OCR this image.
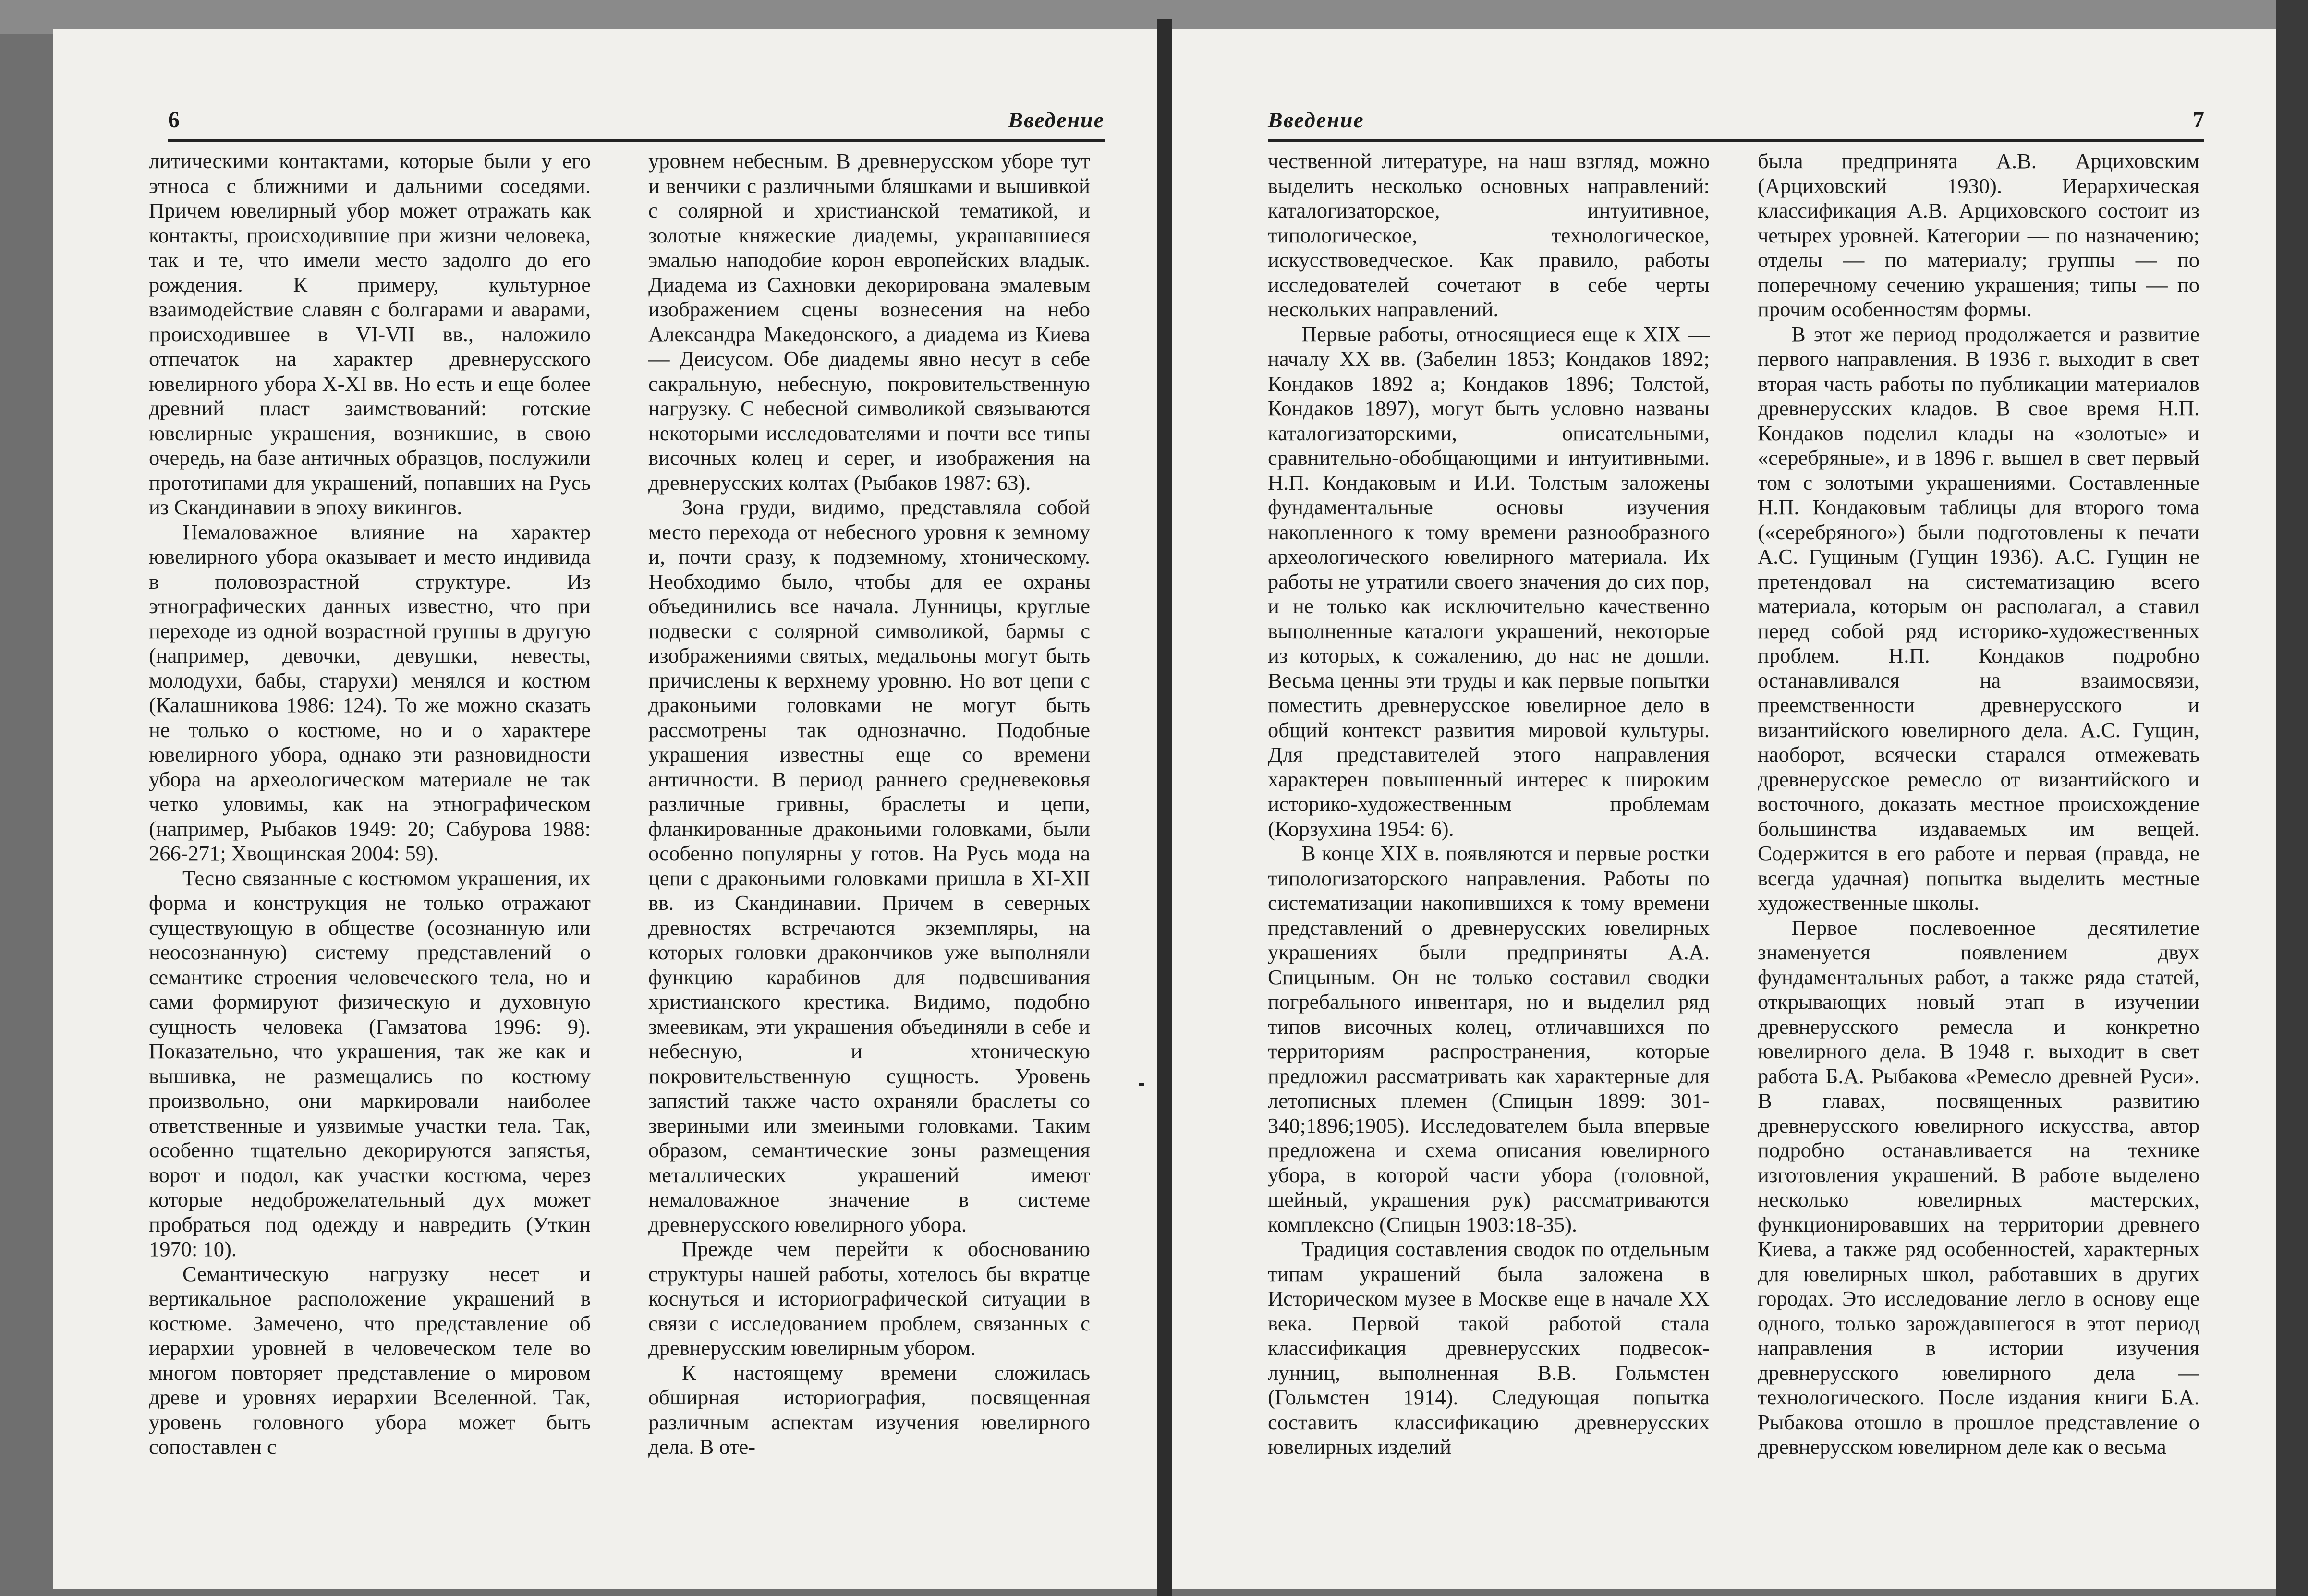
6	Введение

литическими контактами, которые были у его этноса с ближними и дальними соседями. Причем ювелирный убор может отражать как контакты, происходившие при жизни человека, так и те, что имели место задолго до его рождения. К примеру, культурное взаимодействие славян с болгарами и аварами, происходившее в VI-VII вв., наложило отпечаток на характер древнерусского ювелирного убора X-XI вв. Но есть и еще более древний пласт заимствований: готские ювелирные украшения, возникшие, в свою очередь, на базе античных образцов, послужили прототипами для украшений, попавших на Русь из Скандинавии в эпоху викингов.

Немаловажное влияние на характер ювелирного убора оказывает и место индивида в половозрастной структуре. Из этнографических данных известно, что при переходе из одной возрастной группы в другую (например, девочки, девушки, невесты, молодухи, бабы, старухи) менялся и костюм (Калашникова 1986: 124). То же можно сказать не только о костюме, но и о характере ювелирного убора, однако эти разновидности убора на археологическом материале не так четко уловимы, как на этнографическом (например, Рыбаков 1949: 20; Сабурова 1988: 266-271; Хвощинская 2004: 59).

Тесно связанные с костюмом украшения, их форма и конструкция не только отражают существующую в обществе (осознанную или неосознанную) систему представлений о семантике строения человеческого тела, но и сами формируют физическую и духовную сущность человека (Гамзатова 1996: 9). Показательно, что украшения, так же как и вышивка, не размещались по костюму произвольно, они маркировали наиболее ответственные и уязвимые участки тела. Так, особенно тщательно декорируются запястья, ворот и подол, как участки костюма, через которые недоброжелательный дух может пробраться под одежду и навредить (Уткин 1970: 10).

Семантическую нагрузку несет и вертикальное расположение украшений в костюме. Замечено, что представление об иерархии уровней в человеческом теле во многом повторяет представление о мировом древе и уровнях иерархии Вселенной. Так, уровень головного убора может быть сопоставлен с

уровнем небесным. В древнерусском уборе тут и венчики с различными бляшками и вышивкой с солярной и христианской тематикой, и золотые княжеские диадемы, украшавшиеся эмалью наподобие корон европейских владык. Диадема из Сахновки декорирована эмалевым изображением сцены вознесения на небо Александра Македонского, а диадема из Киева — Деисусом. Обе диадемы явно несут в себе сакральную, небесную, покровительственную нагрузку. С небесной символикой связываются некоторыми исследователями и почти все типы височных колец и серег, и изображения на древнерусских колтах (Рыбаков 1987: 63).

Зона груди, видимо, представляла собой место перехода от небесного уровня к земному и, почти сразу, к подземному, хтоническому. Необходимо было, чтобы для ее охраны объединились все начала. Лунницы, круглые подвески с солярной символикой, бармы с изображениями святых, медальоны могут быть причислены к верхнему уровню. Но вот цепи с драконьими головками не могут быть рассмотрены так однозначно. Подобные украшения известны еще со времени античности. В период раннего средневековья различные гривны, браслеты и цепи, фланкированные драконьими головками, были особенно популярны у готов. На Русь мода на цепи с драконьими головками пришла в XI-XII вв. из Скандинавии. Причем в северных древностях встречаются экземпляры, на которых головки дракончиков уже выполняли функцию карабинов для подвешивания христианского крестика. Видимо, подобно змеевикам, эти украшения объединяли в себе и небесную, и хтоническую покровительственную сущность. Уровень запястий также часто охраняли браслеты со звериными или змеиными головками. Таким образом, семантические зоны размещения металлических украшений имеют немаловажное значение в системе древнерусского ювелирного убора.

Прежде чем перейти к обоснованию структуры нашей работы, хотелось бы вкратце коснуться и историографической ситуации в связи с исследованием проблем, связанных с древнерусским ювелирным убором.

К настоящему времени сложилась обширная историография, посвященная различным аспектам изучения ювелирного дела. В оте-

Введение	7

чественной литературе, на наш взгляд, можно выделить несколько основных направлений: каталогизаторское, интуитивное, типологическое, технологическое, искусствоведческое. Как правило, работы исследователей сочетают в себе черты нескольких направлений.

Первые работы, относящиеся еще к XIX — началу XX вв. (Забелин 1853; Кондаков 1892; Кондаков 1892 а; Кондаков 1896; Толстой, Кондаков 1897), могут быть условно названы каталогизаторскими, описательными, сравнительно-обобщающими и интуитивными. Н.П. Кондаковым и И.И. Толстым заложены фундаментальные основы изучения накопленного к тому времени разнообразного археологического ювелирного материала. Их работы не утратили своего значения до сих пор, и не только как исключительно качественно выполненные каталоги украшений, некоторые из которых, к сожалению, до нас не дошли. Весьма ценны эти труды и как первые попытки поместить древнерусское ювелирное дело в общий контекст развития мировой культуры. Для представителей этого направления характерен повышенный интерес к широким историко-художественным проблемам (Корзухина 1954: 6).

В конце XIX в. появляются и первые ростки типологизаторского направления. Работы по систематизации накопившихся к тому времени представлений о древнерусских ювелирных украшениях были предприняты А.А. Спицыным. Он не только составил сводки погребального инвентаря, но и выделил ряд типов височных колец, отличавшихся по территориям распространения, которые предложил рассматривать как характерные для летописных племен (Спицын 1899: 301-340;1896;1905). Исследователем была впервые предложена и схема описания ювелирного убора, в которой части убора (головной, шейный, украшения рук) рассматриваются комплексно (Спицын 1903:18-35).

Традиция составления сводок по отдельным типам украшений была заложена в Историческом музее в Москве еще в начале XX века. Первой такой работой стала классификация древнерусских подвесок-лунниц, выполненная В.В. Гольмстен (Гольмстен 1914). Следующая попытка составить классификацию древнерусских ювелирных изделий

была предпринята А.В. Арциховским (Арциховский 1930). Иерархическая классификация А.В. Арциховского состоит из четырех уровней. Категории — по назначению; отделы — по материалу; группы — по поперечному сечению украшения; типы — по прочим особенностям формы.

В этот же период продолжается и развитие первого направления. В 1936 г. выходит в свет вторая часть работы по публикации материалов древнерусских кладов. В свое время Н.П. Кондаков поделил клады на «золотые» и «серебряные», и в 1896 г. вышел в свет первый том с золотыми украшениями. Составленные Н.П. Кондаковым таблицы для второго тома («серебряного») были подготовлены к печати А.С. Гущиным (Гущин 1936). А.С. Гущин не претендовал на систематизацию всего материала, которым он располагал, а ставил перед собой ряд историко-художественных проблем. Н.П. Кондаков подробно останавливался на взаимосвязи, преемственности древнерусского и византийского ювелирного дела. А.С. Гущин, наоборот, всячески старался отмежевать древнерусское ремесло от византийского и восточного, доказать местное происхождение большинства издаваемых им вещей. Содержится в его работе и первая (правда, не всегда удачная) попытка выделить местные художественные школы.

Первое послевоенное десятилетие знаменуется появлением двух фундаментальных работ, а также ряда статей, открывающих новый этап в изучении древнерусского ремесла и конкретно ювелирного дела. В 1948 г. выходит в свет работа Б.А. Рыбакова «Ремесло древней Руси». В главах, посвященных развитию древнерусского ювелирного искусства, автор подробно останавливается на технике изготовления украшений. В работе выделено несколько ювелирных мастерских, функционировавших на территории древнего Киева, а также ряд особенностей, характерных для ювелирных школ, работавших в других городах. Это исследование легло в основу еще одного, только зарождавшегося в этот период направления в истории изучения древнерусского ювелирного дела — технологического. После издания книги Б.А. Рыбакова отошло в прошлое представление о древнерусском ювелирном деле как о весьма
